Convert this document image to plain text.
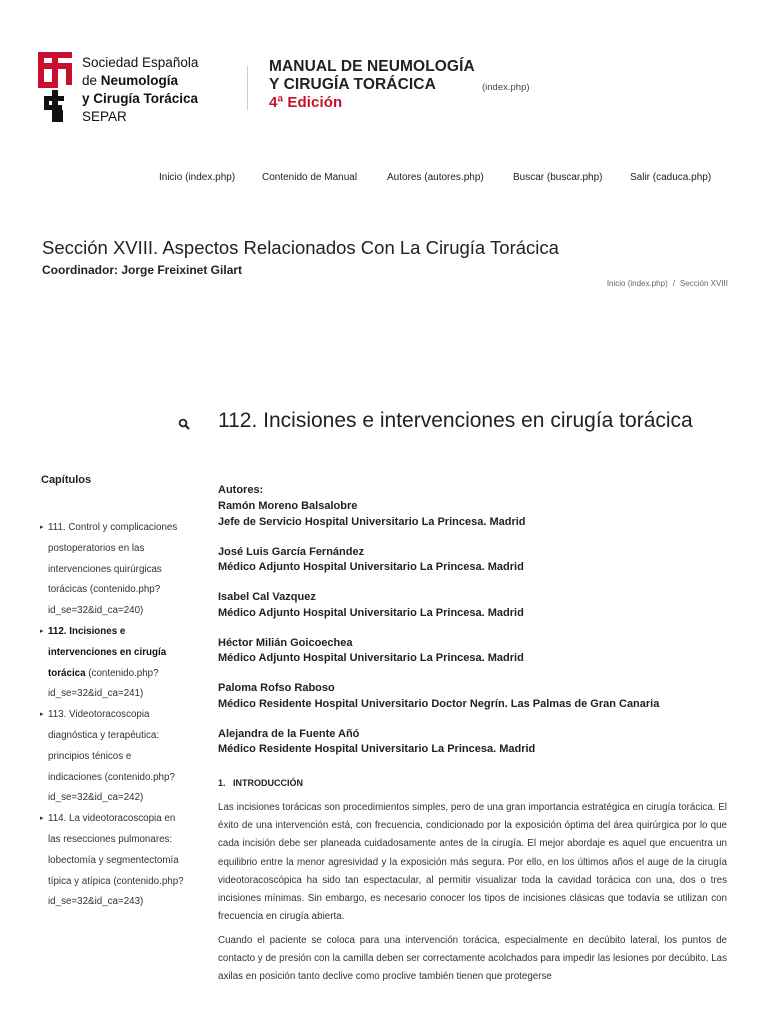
Sociedad Española
de Neumología
y Cirugía Torácica
SEPAR
MANUAL DE NEUMOLOGÍA
Y CIRUGÍA TORÁCICA
4ª Edición
(index.php)
Inicio (index.php)	Contenido de Manual	Autores (autores.php)	Buscar (buscar.php)	Salir (caduca.php)
Sección XVIII. Aspectos Relacionados Con La Cirugía Torácica
Coordinador: Jorge Freixinet Gilart
Inicio (index.php) / Sección XVIII
Capítulos
▸ 111. Control y complicaciones
postoperatorios en las
intervenciones quirúrgicas
torácicas (contenido.php?
id_se=32&id_ca=240)
▸ 112. Incisiones e
intervenciones en cirugía
torácica (contenido.php?
id_se=32&id_ca=241)
▸ 113. Videotoracoscopia
diagnóstica y terapéutica:
principios ténicos e
indicaciones (contenido.php?
id_se=32&id_ca=242)
▸ 114. La videotoracoscopia en
las resecciones pulmonares:
lobectomía y segmentectomía
típica y atípica (contenido.php?
id_se=32&id_ca=243)
112. Incisiones e intervenciones en cirugía torácica
Autores:
Ramón Moreno Balsalobre
Jefe de Servicio Hospital Universitario La Princesa. Madrid
José Luis García Fernández
Médico Adjunto Hospital Universitario La Princesa. Madrid
Isabel Cal Vazquez
Médico Adjunto Hospital Universitario La Princesa. Madrid
Héctor Milián Goicoechea
Médico Adjunto Hospital Universitario La Princesa. Madrid
Paloma Rofso Raboso
Médico Residente Hospital Universitario Doctor Negrín. Las Palmas de Gran Canaria
Alejandra de la Fuente Añó
Médico Residente Hospital Universitario La Princesa. Madrid
1.   INTRODUCCIÓN

Las incisiones torácicas son procedimientos simples, pero de una gran importancia estratégica en cirugía torácica. El éxito de una intervención está, con frecuencia, condicionado por la exposición óptima del área quirúrgica por lo que cada incisión debe ser planeada cuidadosamente antes de la cirugía. El mejor abordaje es aquel que encuentra un equilibrio entre la menor agresividad y la exposición más segura. Por ello, en los últimos años el auge de la cirugía videotoracoscópica ha sido tan espectacular, al permitir visualizar toda la cavidad torácica con una, dos o tres incisiones mínimas. Sin embargo, es necesario conocer los tipos de incisiones clásicas que todavía se utilizan con frecuencia en cirugía abierta.

Cuando el paciente se coloca para una intervención torácica, especialmente en decúbito lateral, los puntos de contacto y de presión con la camilla deben ser correctamente acolchados para impedir las lesiones por decúbito. Las axilas en posición tanto declive como proclive también tienen que protegerse
